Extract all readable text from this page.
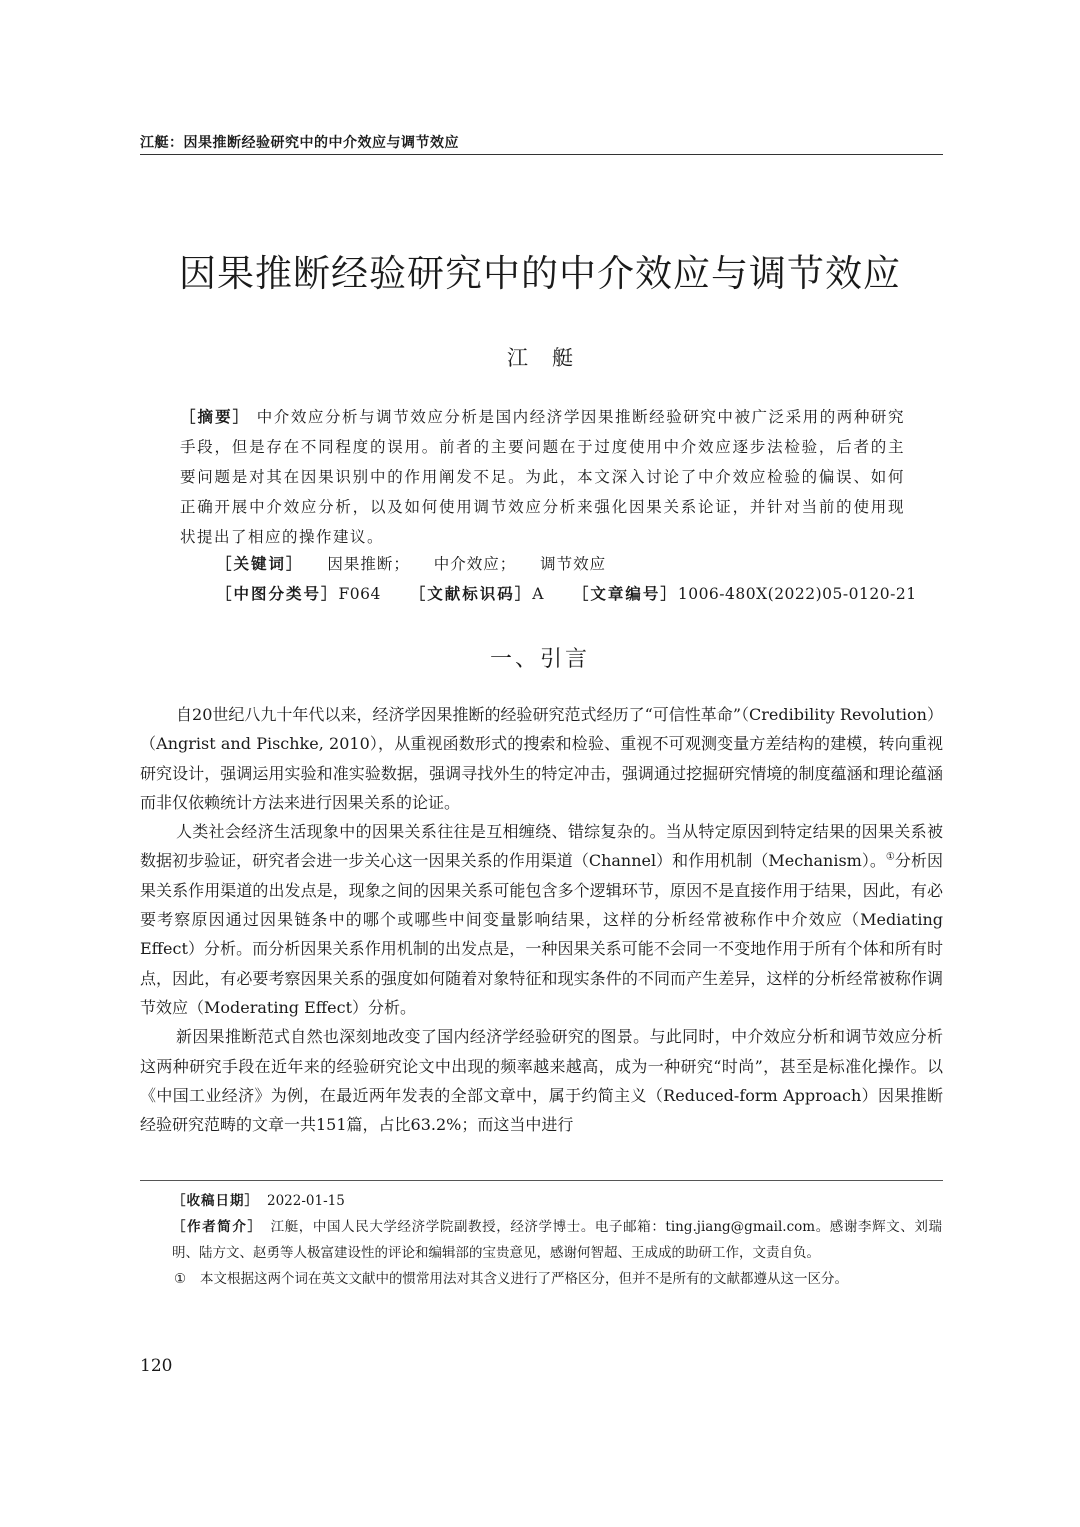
江艇：因果推断经验研究中的中介效应与调节效应
因果推断经验研究中的中介效应与调节效应
江艇
［摘要］ 中介效应分析与调节效应分析是国内经济学因果推断经验研究中被广泛采用的两种研究手段，但是存在不同程度的误用。前者的主要问题在于过度使用中介效应逐步法检验，后者的主要问题是对其在因果识别中的作用阐发不足。为此，本文深入讨论了中介效应检验的偏误、如何正确开展中介效应分析，以及如何使用调节效应分析来强化因果关系论证，并针对当前的使用现状提出了相应的操作建议。
［关键词］ 因果推断； 中介效应； 调节效应
［中图分类号］F064 ［文献标识码］A ［文章编号］1006-480X(2022)05-0120-21
一、引言

自20世纪八九十年代以来，经济学因果推断的经验研究范式经历了“可信性革命”（Credibility Revolution）（Angrist and Pischke, 2010），从重视函数形式的搜索和检验、重视不可观测变量方差结构的建模，转向重视研究设计，强调运用实验和准实验数据，强调寻找外生的特定冲击，强调通过挖掘研究情境的制度蕴涵和理论蕴涵而非仅依赖统计方法来进行因果关系的论证。

人类社会经济生活现象中的因果关系往往是互相缠绕、错综复杂的。当从特定原因到特定结果的因果关系被数据初步验证，研究者会进一步关心这一因果关系的作用渠道（Channel）和作用机制（Mechanism）。①分析因果关系作用渠道的出发点是，现象之间的因果关系可能包含多个逻辑环节，原因不是直接作用于结果，因此，有必要考察原因通过因果链条中的哪个或哪些中间变量影响结果，这样的分析经常被称作中介效应（Mediating Effect）分析。而分析因果关系作用机制的出发点是，一种因果关系可能不会同一不变地作用于所有个体和所有时点，因此，有必要考察因果关系的强度如何随着对象特征和现实条件的不同而产生差异，这样的分析经常被称作调节效应（Moderating Effect）分析。

新因果推断范式自然也深刻地改变了国内经济学经验研究的图景。与此同时，中介效应分析和调节效应分析这两种研究手段在近年来的经验研究论文中出现的频率越来越高，成为一种研究“时尚”，甚至是标准化操作。以《中国工业经济》为例，在最近两年发表的全部文章中，属于约简主义（Reduced-form Approach）因果推断经验研究范畴的文章一共151篇，占比63.2%；而这当中进行

［收稿日期］ 2022-01-15

［作者简介］ 江艇，中国人民大学经济学院副教授，经济学博士。电子邮箱：ting.jiang@gmail.com。感谢李辉文、刘瑞明、陆方文、赵勇等人极富建设性的评论和编辑部的宝贵意见，感谢何智超、王成成的助研工作，文责自负。

① 本文根据这两个词在英文文献中的惯常用法对其含义进行了严格区分，但并不是所有的文献都遵从这一区分。

120
